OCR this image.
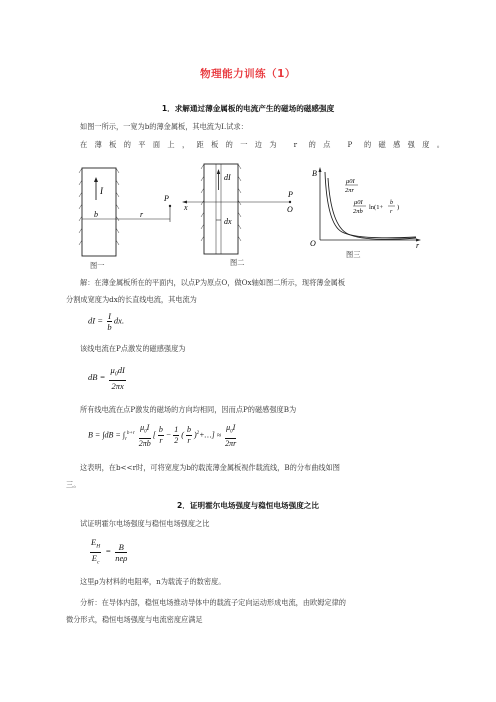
物理能力训练（1）
1．求解通过薄金属板的电流产生的磁场的磁感强度
如图一所示，一宽为b的薄金属板，其电流为I.试求：
在薄板的平面上，距板的一边为 r 的点 P 的磁感强度。
I
b
P
r
图一
dI
x
P
O
dx
图二
B
O	r
μ0I
2πr
μ0I
2πb
ln(1+
b
r
)
图三
解：在薄金属板所在的平面内，以点P为原点O，做Ox轴如图二所示，现将薄金属板
分割成宽度为dx的长直线电流，其电流为
dI = $\frac{I}{b}$ dx.
该线电流在P点激发的磁感强度为
dB = $\frac{\mu_0dI}{2\pi x}$
所有线电流在点P激发的磁场的方向均相同，因而点P的磁感强度B为
$B = \int dB = \int_r^{b+r} \frac{\mu_0I}{2\pi b}$ [ $\frac{b}{r} - \frac{1}{2}$ ( $\frac{b}{r}$ )$^2$+…] ≈ $\frac{\mu_0I}{2\pi r}$
这表明，在b<<r时，可将宽度为b的载流薄金属板视作载流线，B的分布曲线如图
三。
2．证明霍尔电场强度与稳恒电场强度之比
试证明霍尔电场强度与稳恒电场强度之比
$\frac{E_H}{E_c} = \frac{B}{\text{neρ}}$
这里ρ为材料的电阻率，n为载流子的数密度。
分析：在导体内部，稳恒电场推动导体中的载流子定向运动形成电流，由欧姆定律的
微分形式，稳恒电场强度与电流密度应满足
